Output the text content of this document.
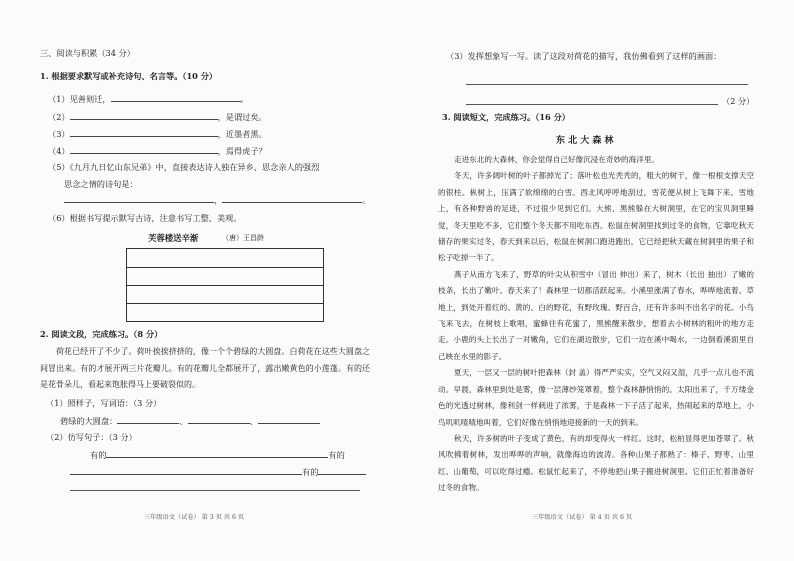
三、阅读与积累（34 分）
1. 根据要求默写或补充诗句、名言等。（10 分）
（1）见善则迁，	。
（2）	，是谓过矣。
（3）	，近墨者黑。
（4）	，焉得虎子？
（5）《九月九日忆山东兄弟》中，直接表达诗人独在异乡、思念亲人的强烈
思念之情的诗句是：
，	。
（6）根据书写提示默写古诗，注意书写工整、美观。
芙蓉楼送辛渐	（唐）王昌龄
2. 阅读文段，完成练习。（8 分）

荷花已经开了不少了。荷叶挨挨挤挤的，像一个个碧绿的大圆盘。白荷花在这些大圆盘之间冒出来。有的才展开两三片花瓣儿。有的花瓣儿全都展开了，露出嫩黄色的小莲蓬。有的还是花骨朵儿，看起来饱胀得马上要破裂似的。

（1）照样子，写词语：（3 分）
碧绿的大圆盘：	、	、
（2）仿写句子：（3 分）
有的	有的
有的
三年级语文（试卷） 第 3 页 共 6 页
（3）发挥想象写一写。读了这段对荷花的描写，我仿佛看到了这样的画面：
（2 分）
3. 阅读短文，完成练习。（16 分）
东 北 大 森 林

走进东北的大森林，你会觉得自己好像沉浸在奇妙的海洋里。

冬天，许多阔叶树的叶子都掉光了；落叶松也光秃秃的，粗大的树干，像一根根支撑天空的银柱。枞树上，压满了软绵绵的白雪。西北风呼呼地刮过，雪花便从树上飞舞下来。雪地上，有各种野兽的足迹，不过很少见到它们。大熊、黑熊躲在大树洞里，在它的宝贝洞里睡觉，冬天里吃不多，它们整个冬天都不用吃东西。松鼠在树洞里找到过冬的食物，它靠吃秋天储存的果实过冬，春天到来以后，松鼠在树洞口跑进跑出，它已经把秋天藏在树洞里的果子和松子吃掉一半了。

燕子从南方飞来了，野草的叶尖从积雪中（冒出 伸出）来了，树木（长出 抽出）了嫩的枝条，长出了嫩叶。春天来了！森林里一切都活跃起来。小溪里涨满了春水，哗哗地流着。草地上，到处开着红的、黄的、白的野花，有野玫瑰、野百合，还有许多叫不出名字的花。小鸟飞来飞去，在树枝上歌唱，蜜蜂往有花蜜了，黑熊醒来散步，想着去小树林的粗叶的地方走走。小鹿的头上长出了一对嫩角，它们在湖边散步，它们一边在溪中喝水，一边倒看溪面里自己映在水里的影子。

夏天，一层又一层的树叶把森林（封 盖）得严严实实，空气又闷又湿，几乎一点儿也不流动。早晨，森林里到处是雾，像一层薄纱笼罩着，整个森林静悄悄的。太阳出来了，千万缕金色的光透过树林，像利剑一样刺进了浓雾，于是森林一下子活了起来，热闹起来的草地上，小鸟叽叽喳喳地叫着，它们好像在悄悄地迎接新的一天的到来。

秋天，许多树的叶子变成了黄色，有的却变得火一样红。这时，松柏显得更加苍翠了。秋风吹拂着树林，发出哗哗的声响，就像海边的波涛。各种山果子都熟了：榛子、野枣、山里红、山葡萄，可以吃得过瘾。松鼠忙起来了，不停地把山果子搬进树洞里。它们正忙着准备好过冬的食物。

三年级语文（试卷） 第 4 页 共 6 页
